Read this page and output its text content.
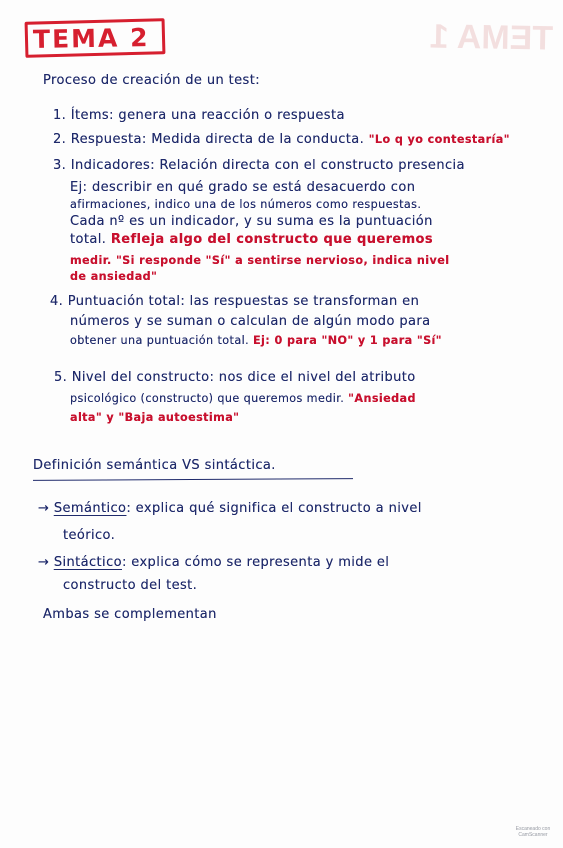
TEMA 1
TEMA 2
Proceso de creación de un test:
1. Ítems: genera una reacción o respuesta
2. Respuesta: Medida directa de la conducta. "Lo q yo contestaría"
3. Indicadores: Relación directa con el constructo presencia
Ej: describir en qué grado se está desacuerdo con
afirmaciones, indico una de los números como respuestas.
Cada nº es un indicador, y su suma es la puntuación
total. Refleja algo del constructo que queremos
medir. "Si responde "Sí" a sentirse nervioso, indica nivel
de ansiedad"
4. Puntuación total: las respuestas se transforman en
números y se suman o calculan de algún modo para
obtener una puntuación total. Ej: 0 para "NO" y 1 para "Sí"
5. Nivel del constructo: nos dice el nivel del atributo
psicológico (constructo) que queremos medir. "Ansiedad
alta" y "Baja autoestima"
Definición semántica VS sintáctica.
→ Semántico: explica qué significa el constructo a nivel
teórico.
→ Sintáctico: explica cómo se representa y mide el
constructo del test.
Ambas se complementan
Escaneado con CamScanner
